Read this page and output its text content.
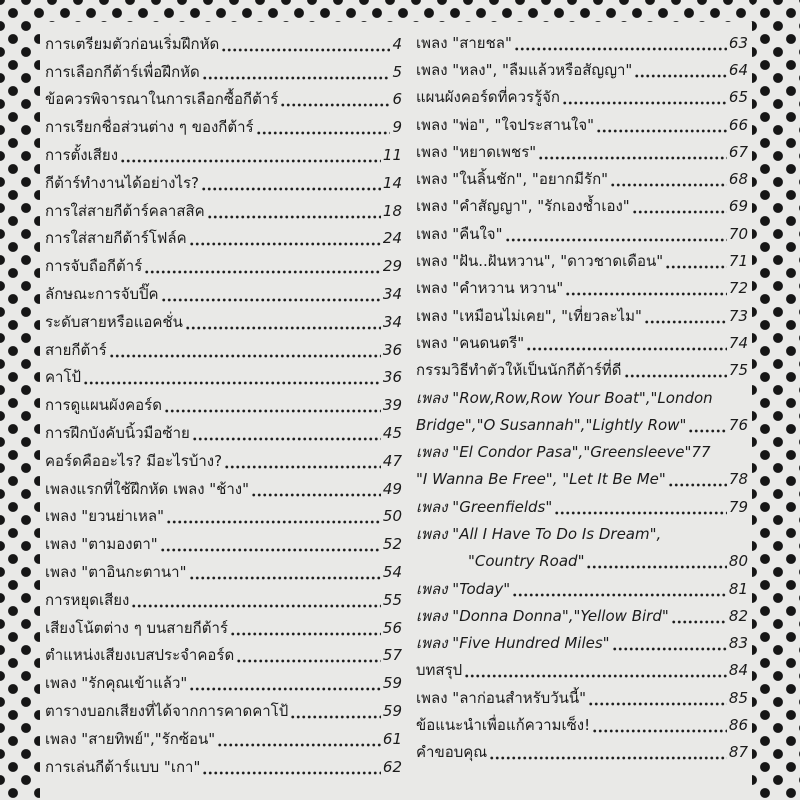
การเตรียมตัวก่อนเริ่มฝึกหัด	4
การเลือกกีต้าร์เพื่อฝึกหัด	5
ข้อควรพิจารณาในการเลือกซื้อกีต้าร์	6
การเรียกชื่อส่วนต่าง ๆ ของกีต้าร์	9
การตั้งเสียง	11
กีต้าร์ทำงานได้อย่างไร?	14
การใส่สายกีต้าร์คลาสสิค	18
การใส่สายกีต้าร์โฟล์ค	24
การจับถือกีต้าร์	29
ลักษณะการจับปิ๊ค	34
ระดับสายหรือแอคชั่น	34
สายกีต้าร์	36
คาโป้	36
การดูแผนผังคอร์ด	39
การฝึกบังคับนิ้วมือซ้าย	45
คอร์ดคืออะไร? มีอะไรบ้าง?	47
เพลงแรกที่ใช้ฝึกหัด เพลง "ช้าง"	49
เพลง "ยวนย่าเหล"	50
เพลง "ตามองตา"	52
เพลง "ตาอินกะตานา"	54
การหยุดเสียง	55
เสียงโน้ตต่าง ๆ บนสายกีต้าร์	56
ตำแหน่งเสียงเบสประจำคอร์ด	57
เพลง "รักคุณเข้าแล้ว"	59
ตารางบอกเสียงที่ได้จากการคาดคาโป้	59
เพลง "สายทิพย์","รักซ้อน"	61
การเล่นกีต้าร์แบบ "เกา"	62
เพลง "สายชล"	63
เพลง "หลง", "ลืมแล้วหรือสัญญา"	64
แผนผังคอร์ดที่ควรรู้จัก	65
เพลง "พ่อ", "ใจประสานใจ"	66
เพลง "หยาดเพชร"	67
เพลง "ในลิ้นชัก", "อยากมีรัก"	68
เพลง "คำสัญญา", "รักเองช้ำเอง"	69
เพลง "คืนใจ"	70
เพลง "ฝัน..ฝันหวาน", "ดาวชาดเดือน"	71
เพลง "คำหวาน หวาน"	72
เพลง "เหมือนไม่เคย", "เที่ยวละไม"	73
เพลง "คนดนตรี"	74
กรรมวิธีทำตัวให้เป็นนักกีต้าร์ที่ดี	75
เพลง "Row,Row,Row Your Boat","London
Bridge","O Susannah","Lightly Row"	76
เพลง "El Condor Pasa","Greensleeve" 77
"I Wanna Be Free", "Let It Be Me"	78
เพลง "Greenfields"	79
เพลง "All I Have To Do Is Dream",
"Country Road"	80
เพลง "Today"	81
เพลง "Donna Donna","Yellow Bird"	82
เพลง "Five Hundred Miles"	83
บทสรุป	84
เพลง "ลาก่อนสำหรับวันนี้"	85
ข้อแนะนำเพื่อแก้ความเซ็ง!	86
คำขอบคุณ	87
